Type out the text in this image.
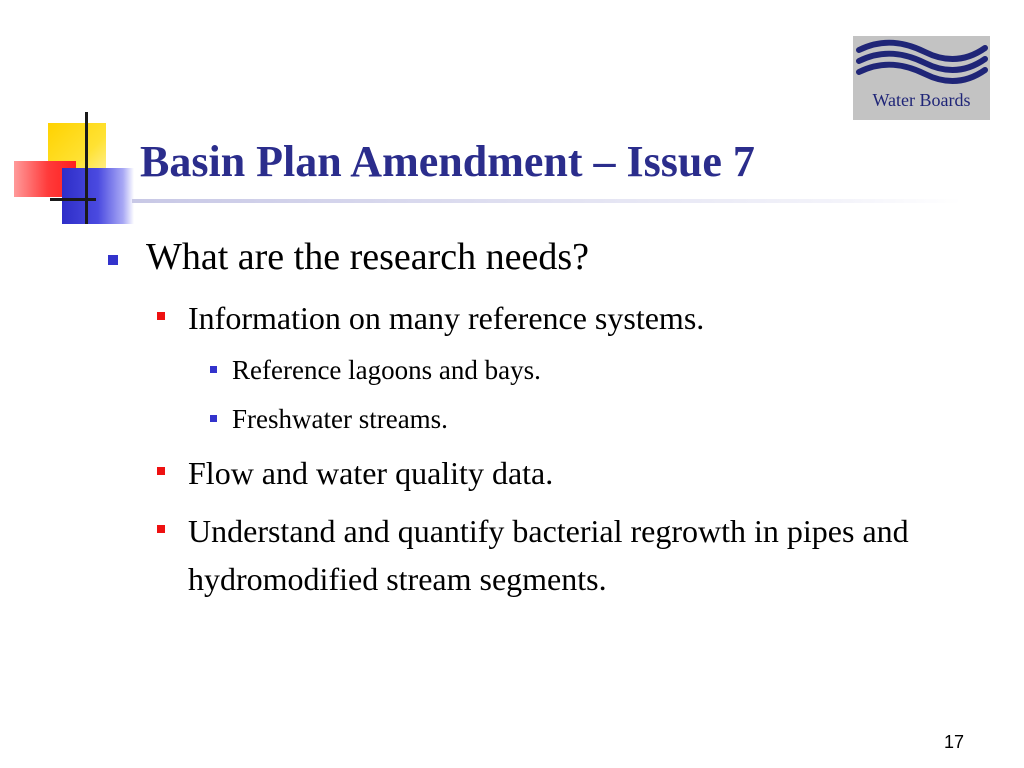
Water Boards
Basin Plan Amendment – Issue 7
What are the research needs?
Information on many reference systems.
Reference lagoons and bays.
Freshwater streams.
Flow and water quality data.
Understand and quantify bacterial regrowth in pipes and hydromodified stream segments.
17
